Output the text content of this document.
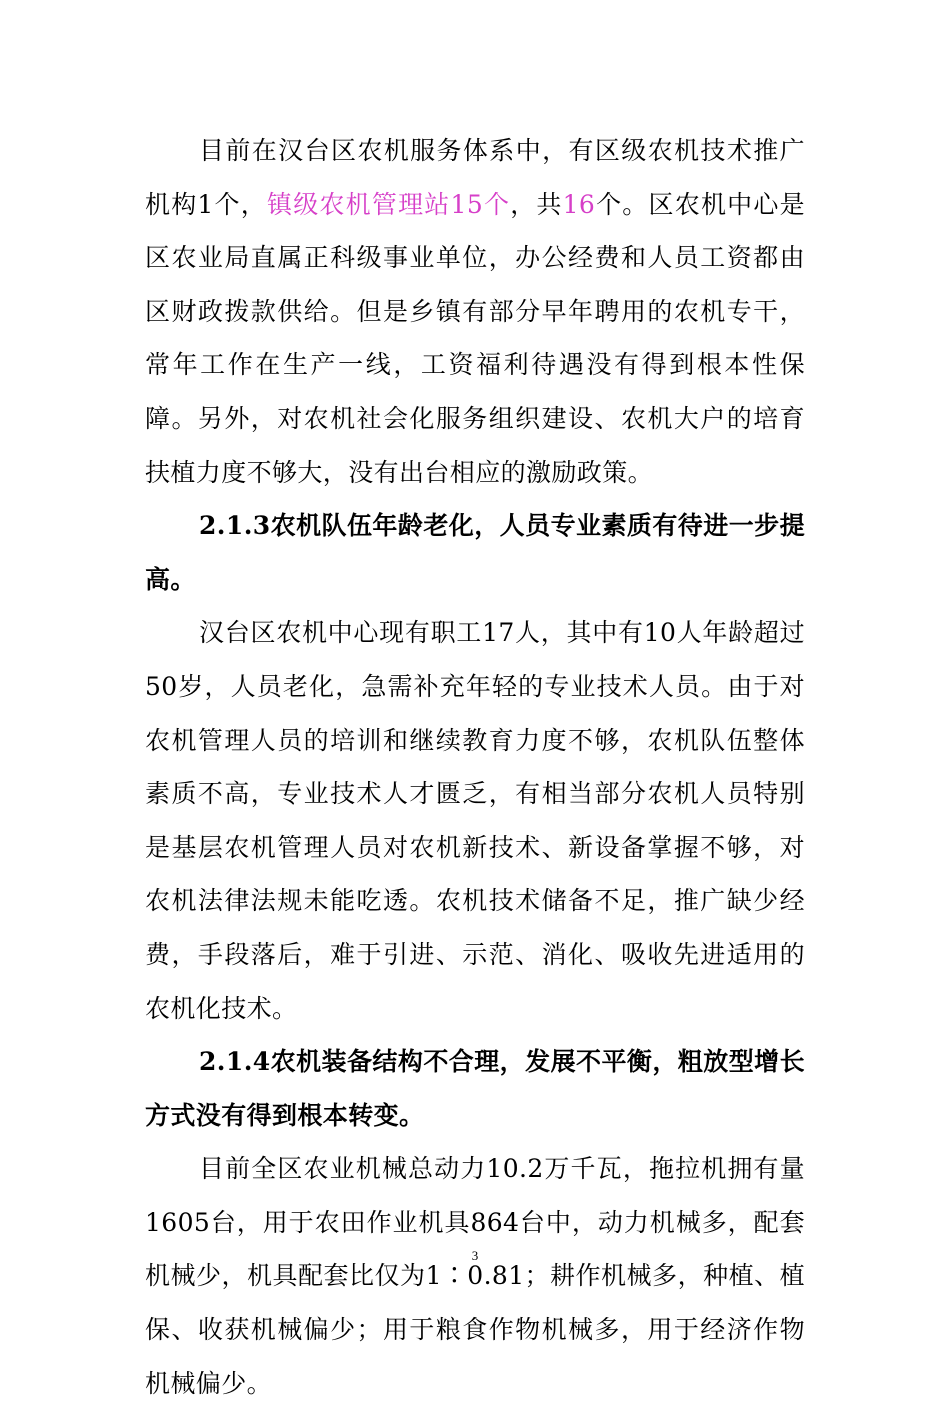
目前在汉台区农机服务体系中，有区级农机技术推广机构1个，镇级农机管理站15个，共16个。区农机中心是区农业局直属正科级事业单位，办公经费和人员工资都由区财政拨款供给。但是乡镇有部分早年聘用的农机专干，常年工作在生产一线，工资福利待遇没有得到根本性保障。另外，对农机社会化服务组织建设、农机大户的培育扶植力度不够大，没有出台相应的激励政策。

2.1.3农机队伍年龄老化，人员专业素质有待进一步提高。

汉台区农机中心现有职工17人，其中有10人年龄超过50岁，人员老化，急需补充年轻的专业技术人员。由于对农机管理人员的培训和继续教育力度不够，农机队伍整体素质不高，专业技术人才匮乏，有相当部分农机人员特别是基层农机管理人员对农机新技术、新设备掌握不够，对农机法律法规未能吃透。农机技术储备不足，推广缺少经费，手段落后，难于引进、示范、消化、吸收先进适用的农机化技术。

2.1.4农机装备结构不合理，发展不平衡，粗放型增长方式没有得到根本转变。

目前全区农业机械总动力10.2万千瓦，拖拉机拥有量1605台，用于农田作业机具864台中，动力机械多，配套机械少，机具配套比仅为1∶0.81；耕作机械多，种植、植保、收获机械偏少；用于粮食作物机械多，用于经济作物机械偏少。

3
